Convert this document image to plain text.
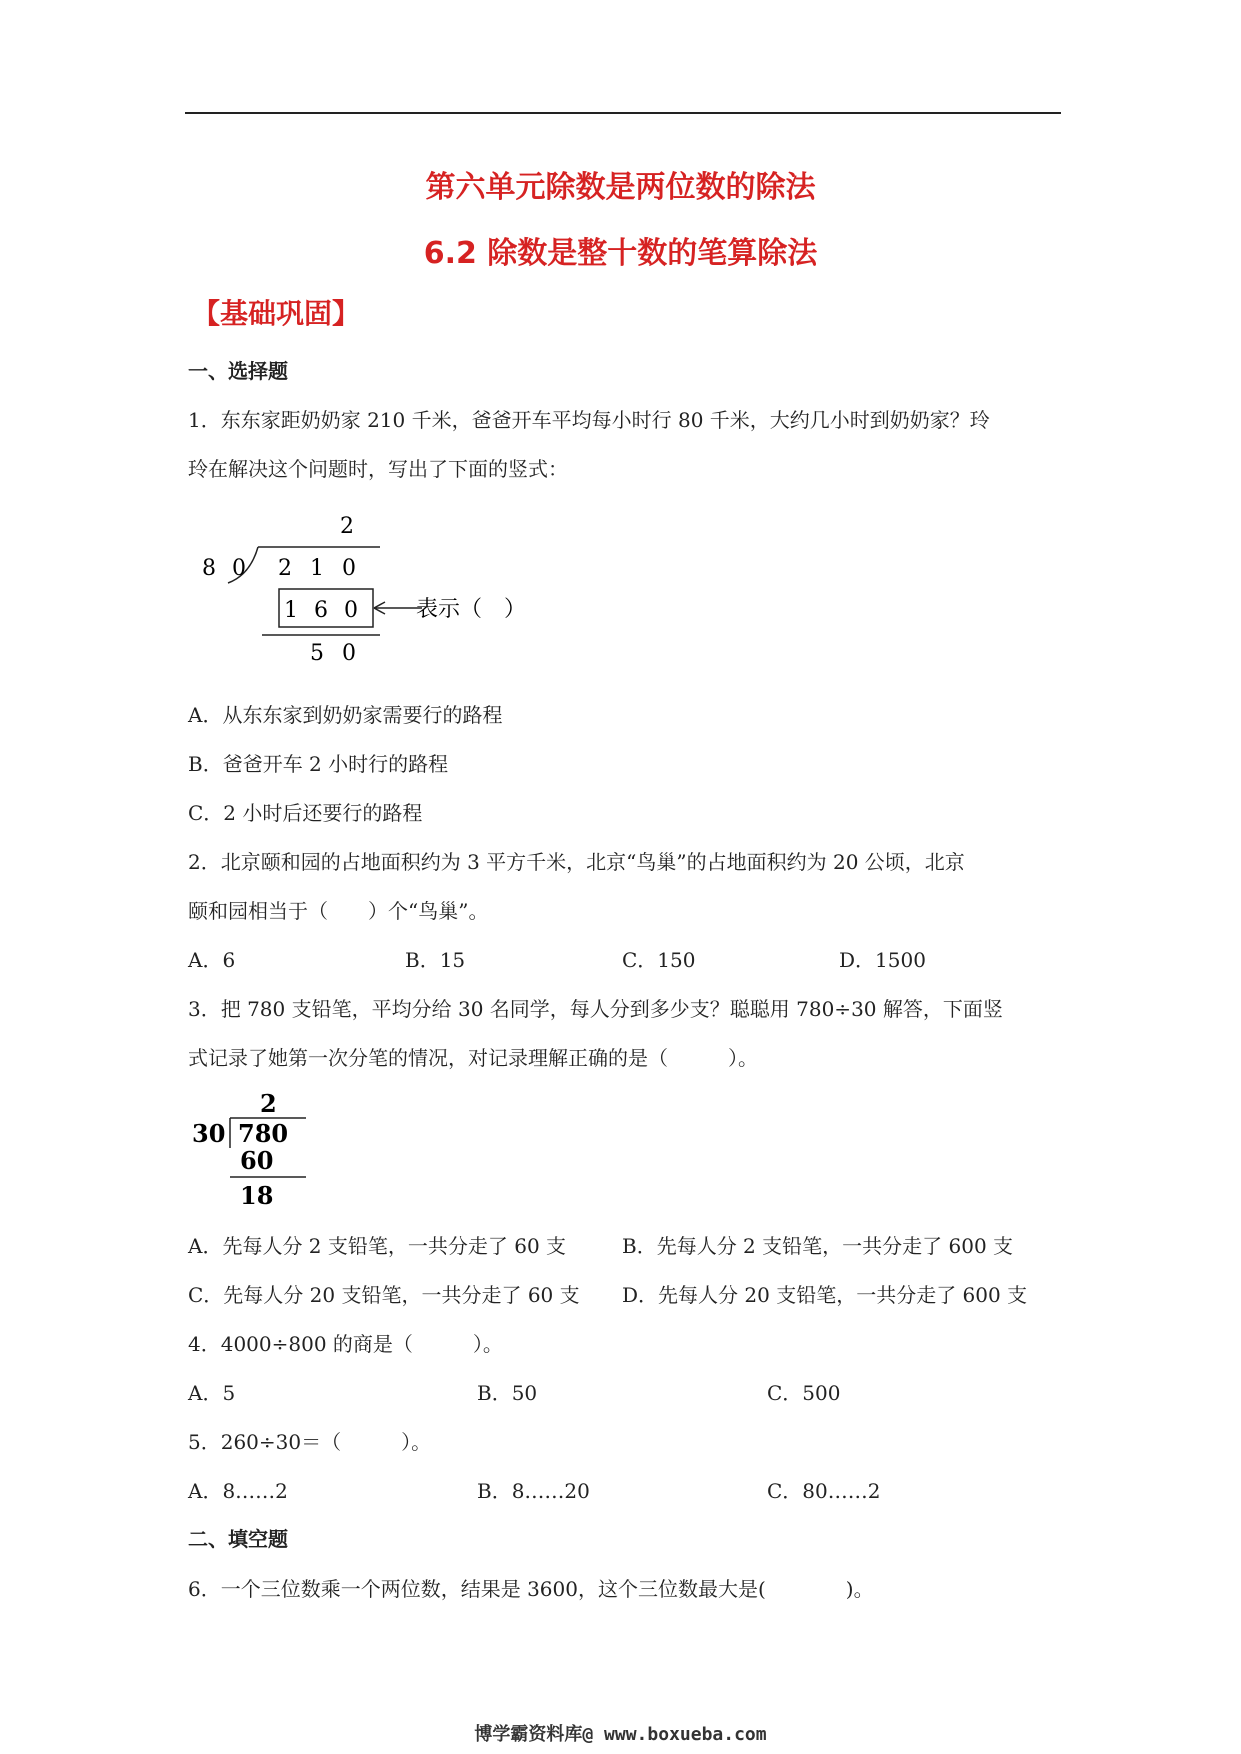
第六单元除数是两位数的除法
6.2 除数是整十数的笔算除法
【基础巩固】
一、选择题
1．东东家距奶奶家 210 千米，爸爸开车平均每小时行 80 千米，大约几小时到奶奶家？玲
玲在解决这个问题时，写出了下面的竖式：
2
8 0 2 1 0
1 6 0	表示（　）
5 0
A．从东东家到奶奶家需要行的路程
B．爸爸开车 2 小时行的路程
C．2 小时后还要行的路程
2．北京颐和园的占地面积约为 3 平方千米，北京“鸟巢”的占地面积约为 20 公顷，北京
颐和园相当于（　　）个“鸟巢”。
A．6	B．15	C．150	D．1500
3．把 780 支铅笔，平均分给 30 名同学，每人分到多少支？聪聪用 780÷30 解答，下面竖
式记录了她第一次分笔的情况，对记录理解正确的是（　　　）。
2
30 780
60
18
A．先每人分 2 支铅笔，一共分走了 60 支	B．先每人分 2 支铅笔，一共分走了 600 支
C．先每人分 20 支铅笔，一共分走了 60 支 D．先每人分 20 支铅笔，一共分走了 600 支
4．4000÷800 的商是（　　　）。
A．5	B．50	C．500
5．260÷30＝（　　　）。
A．8……2	B．8……20	C．80……2
二、填空题
6．一个三位数乘一个两位数，结果是 3600，这个三位数最大是(　　　　)。
博学霸资料库@ www.boxueba.com
